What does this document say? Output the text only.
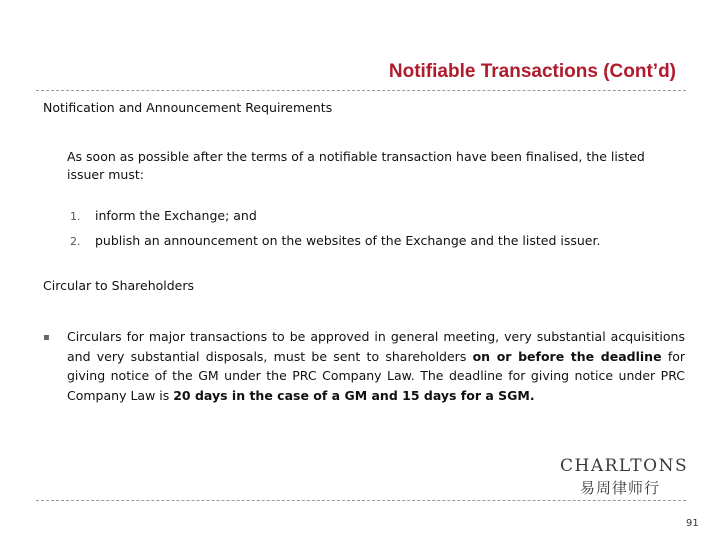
Notifiable Transactions (Cont’d)
Notification and Announcement Requirements
As soon as possible after the terms of a notifiable transaction have been finalised, the listed
issuer must:
1. inform the Exchange; and
2. publish an announcement on the websites of the Exchange and the listed issuer.
Circular to Shareholders
▪ Circulars for major transactions to be approved in general meeting, very substantial acquisitions and very substantial disposals, must be sent to shareholders on or before the deadline for giving notice of the GM under the PRC Company Law. The deadline for giving notice under PRC Company Law is 20 days in the case of a GM and 15 days for a SGM.
CHARLTONS
易周律师行
91
